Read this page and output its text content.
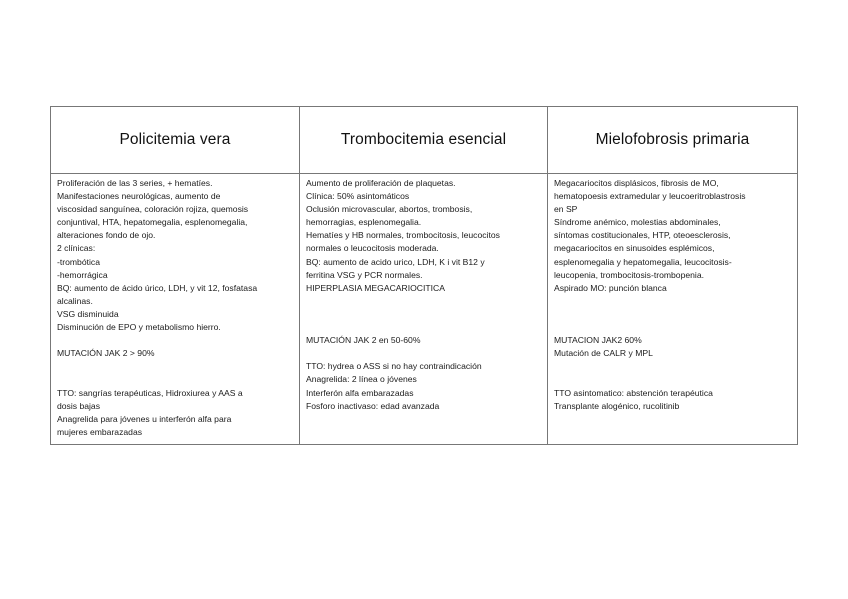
Policitemia vera	Trombocitemia esencial	Mielofobrosis primaria
Proliferación de las 3 series, + hematíes.
Manifestaciones neurológicas, aumento de
viscosidad sanguínea, coloración rojiza, quemosis
conjuntival, HTA, hepatomegalia, esplenomegalia,
alteraciones fondo de ojo.
2 clínicas:
-trombótica
-hemorrágica
BQ: aumento de ácido úrico, LDH, y vit 12, fosfatasa
alcalinas.
VSG disminuida
Disminución de EPO y metabolismo hierro.
MUTACIÓN JAK 2 > 90%
TTO: sangrías terapéuticas, Hidroxiurea y AAS a
dosis bajas
Anagrelida para jóvenes u interferón alfa para
mujeres embarazadas
Aumento de proliferación de plaquetas.
Clínica: 50% asintomáticos
Oclusión microvascular, abortos, trombosis,
hemorragias, esplenomegalia.
Hematíes y HB normales, trombocitosis, leucocitos
normales o leucocitosis moderada.
BQ: aumento de acido urico, LDH, K i vit B12 y
ferritina VSG y PCR normales.
HIPERPLASIA MEGACARIOCITICA
MUTACIÓN JAK 2 en 50-60%
TTO: hydrea o ASS si no hay contraindicación
Anagrelida: 2 línea o jóvenes
Interferón alfa embarazadas
Fosforo inactivaso: edad avanzada
Megacariocitos displásicos, fibrosis de MO,
hematopoesis extramedular y leucoeritroblastrosis
en SP
Síndrome anémico, molestias abdominales,
síntomas costitucionales, HTP, oteoesclerosis,
megacariocitos en sinusoides esplémicos,
esplenomegalia y hepatomegalia, leucocitosis-
leucopenia, trombocitosis-trombopenia.
Aspirado MO: punción blanca
MUTACION JAK2 60%
Mutación de CALR y MPL
TTO asintomatico: abstención terapéutica
Transplante alogénico, rucolitinib
